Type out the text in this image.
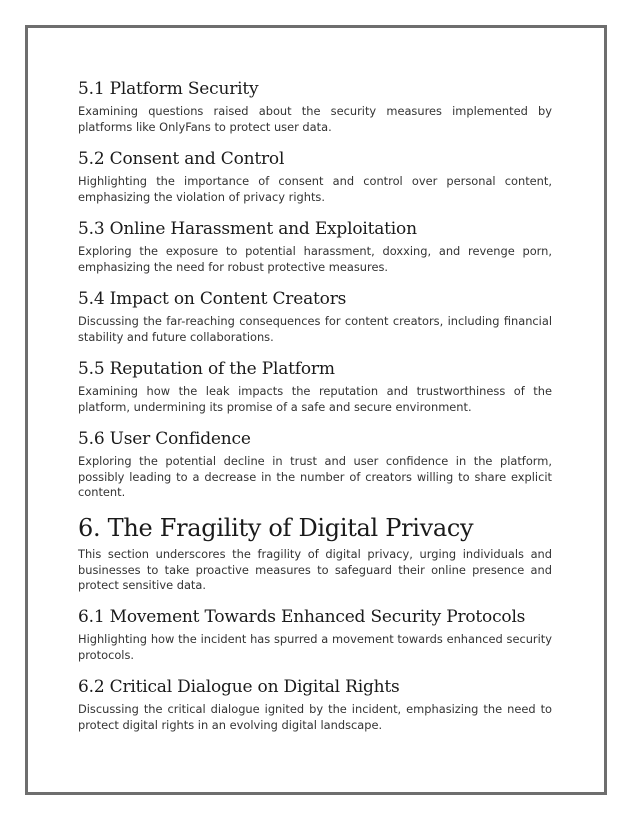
5.1 Platform Security

Examining questions raised about the security measures implemented by platforms like OnlyFans to protect user data.

5.2 Consent and Control

Highlighting the importance of consent and control over personal content, emphasizing the violation of privacy rights.

5.3 Online Harassment and Exploitation

Exploring the exposure to potential harassment, doxxing, and revenge porn, emphasizing the need for robust protective measures.

5.4 Impact on Content Creators

Discussing the far-reaching consequences for content creators, including financial stability and future collaborations.

5.5 Reputation of the Platform

Examining how the leak impacts the reputation and trustworthiness of the platform, undermining its promise of a safe and secure environment.

5.6 User Confidence

Exploring the potential decline in trust and user confidence in the platform, possibly leading to a decrease in the number of creators willing to share explicit content.

6. The Fragility of Digital Privacy

This section underscores the fragility of digital privacy, urging individuals and businesses to take proactive measures to safeguard their online presence and protect sensitive data.

6.1 Movement Towards Enhanced Security Protocols

Highlighting how the incident has spurred a movement towards enhanced security protocols.

6.2 Critical Dialogue on Digital Rights

Discussing the critical dialogue ignited by the incident, emphasizing the need to protect digital rights in an evolving digital landscape.
